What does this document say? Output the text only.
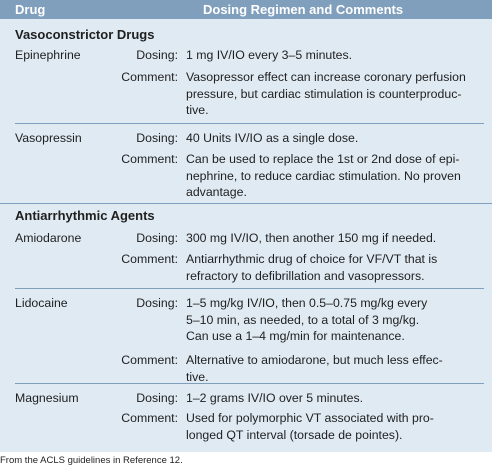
Drug	Dosing Regimen and Comments
Vasoconstrictor Drugs
Epinephrine	Dosing: 1 mg IV/IO every 3–5 minutes.
Comment: Vasopressor effect can increase coronary perfusion
pressure, but cardiac stimulation is counterproduc-
tive.
Vasopressin	Dosing: 40 Units IV/IO as a single dose.
Comment: Can be used to replace the 1st or 2nd dose of epi-
nephrine, to reduce cardiac stimulation. No proven
advantage.
Antiarrhythmic Agents
Amiodarone	Dosing: 300 mg IV/IO, then another 150 mg if needed.
Comment: Antiarrhythmic drug of choice for VF/VT that is
refractory to defibrillation and vasopressors.
Lidocaine	Dosing: 1–5 mg/kg IV/IO, then 0.5–0.75 mg/kg every
5–10 min, as needed, to a total of 3 mg/kg.
Can use a 1–4 mg/min for maintenance.
Comment: Alternative to amiodarone, but much less effec-
tive.
Magnesium	Dosing: 1–2 grams IV/IO over 5 minutes.
Comment: Used for polymorphic VT associated with pro-
longed QT interval (torsade de pointes).
From the ACLS guidelines in Reference 12.
